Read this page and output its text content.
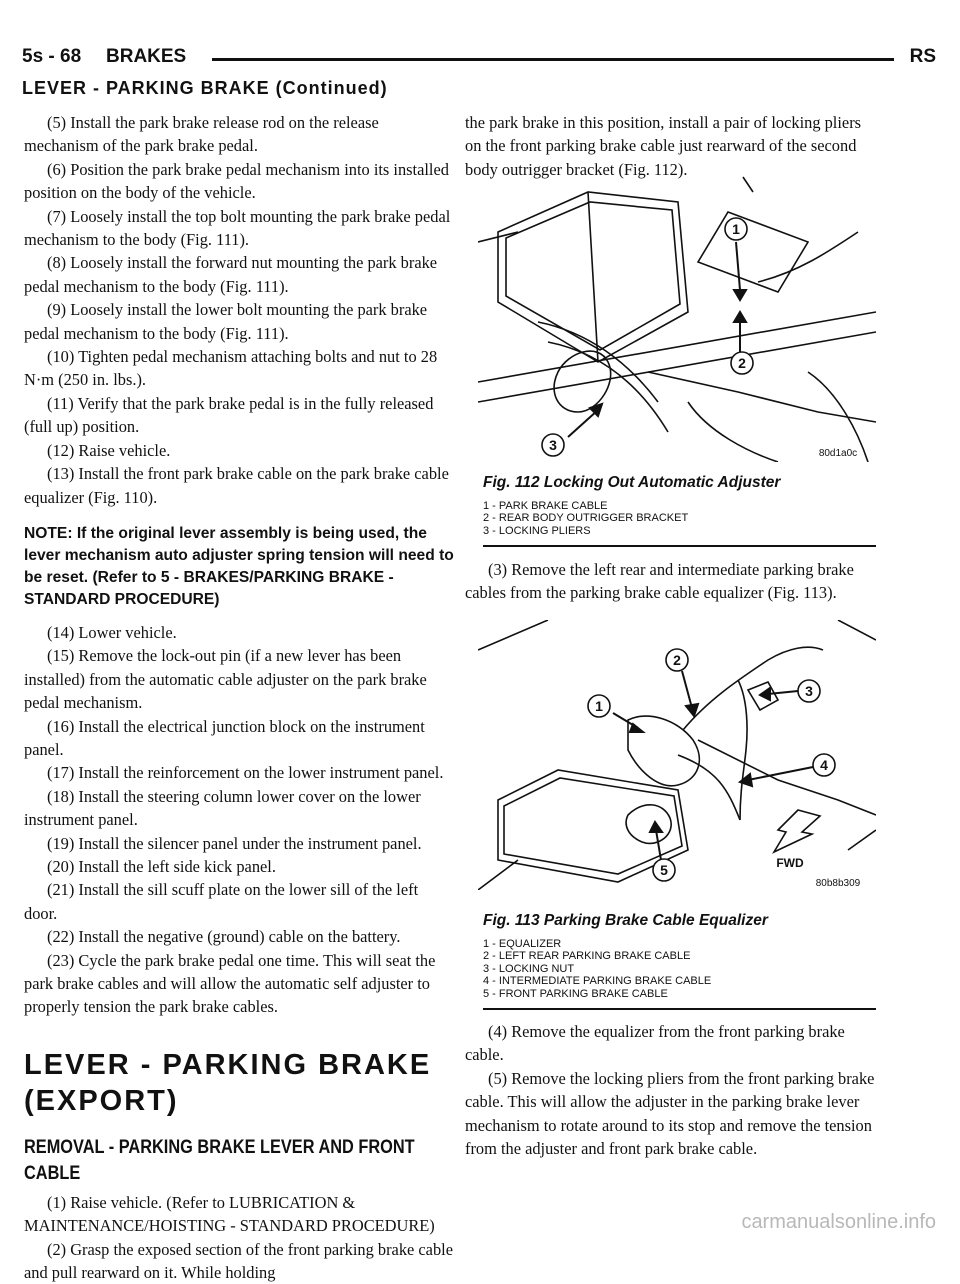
5s - 68 BRAKES	RS
LEVER - PARKING BRAKE (Continued)

(5) Install the park brake release rod on the release mechanism of the park brake pedal.

(6) Position the park brake pedal mechanism into its installed position on the body of the vehicle.

(7) Loosely install the top bolt mounting the park brake pedal mechanism to the body (Fig. 111).

(8) Loosely install the forward nut mounting the park brake pedal mechanism to the body (Fig. 111).

(9) Loosely install the lower bolt mounting the park brake pedal mechanism to the body (Fig. 111).

(10) Tighten pedal mechanism attaching bolts and nut to 28 N·m (250 in. lbs.).

(11) Verify that the park brake pedal is in the fully released (full up) position.

(12) Raise vehicle.

(13) Install the front park brake cable on the park brake cable equalizer (Fig. 110).

NOTE: If the original lever assembly is being used, the lever mechanism auto adjuster spring tension will need to be reset. (Refer to 5 - BRAKES/PARKING BRAKE - STANDARD PROCEDURE)

(14) Lower vehicle.

(15) Remove the lock-out pin (if a new lever has been installed) from the automatic cable adjuster on the park brake pedal mechanism.

(16) Install the electrical junction block on the instrument panel.

(17) Install the reinforcement on the lower instrument panel.

(18) Install the steering column lower cover on the lower instrument panel.

(19) Install the silencer panel under the instrument panel.

(20) Install the left side kick panel.

(21) Install the sill scuff plate on the lower sill of the left door.

(22) Install the negative (ground) cable on the battery.

(23) Cycle the park brake pedal one time. This will seat the park brake cables and will allow the automatic self adjuster to properly tension the park brake cables.

LEVER - PARKING BRAKE (EXPORT)

REMOVAL - PARKING BRAKE LEVER AND FRONT CABLE

(1) Raise vehicle. (Refer to LUBRICATION & MAINTENANCE/HOISTING - STANDARD PROCEDURE)

(2) Grasp the exposed section of the front parking brake cable and pull rearward on it. While holding

the park brake in this position, install a pair of locking pliers on the front parking brake cable just rearward of the second body outrigger bracket (Fig. 112).

1
2
3
80d1a0c
Fig. 112 Locking Out Automatic Adjuster
1 - PARK BRAKE CABLE
2 - REAR BODY OUTRIGGER BRACKET
3 - LOCKING PLIERS

(3) Remove the left rear and intermediate parking brake cables from the parking brake cable equalizer (Fig. 113).

1
2
3
4
5	FWD
80b8b309
Fig. 113 Parking Brake Cable Equalizer
1 - EQUALIZER
2 - LEFT REAR PARKING BRAKE CABLE
3 - LOCKING NUT
4 - INTERMEDIATE PARKING BRAKE CABLE
5 - FRONT PARKING BRAKE CABLE

(4) Remove the equalizer from the front parking brake cable.

(5) Remove the locking pliers from the front parking brake cable. This will allow the adjuster in the parking brake lever mechanism to rotate around to its stop and remove the tension from the adjuster and front park brake cable.

carmanualsonline.info
